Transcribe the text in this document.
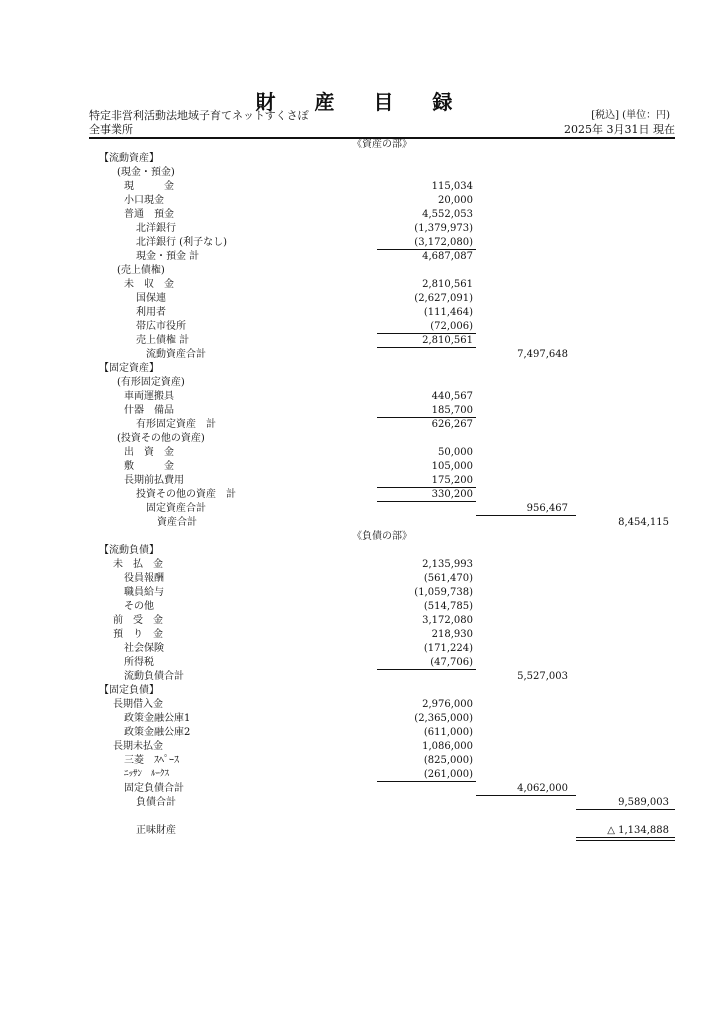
財 産 目 録
特定非営利活動法地域子育てネットすくさぽ	[税込] (単位：円)
全事業所	2025年 3月31日 現在
《資産の部》
【流動資産】
(現金・預金)
現　　　金	115,034
小口現金	20,000
普通　預金	4,552,053
北洋銀行	(1,379,973)
北洋銀行 (利子なし)	(3,172,080)
現金・預金 計	4,687,087
(売上債権)
未　収　金	2,810,561
国保連	(2,627,091)
利用者	(111,464)
帯広市役所	(72,006)
売上債権 計	2,810,561
流動資産合計	7,497,648
【固定資産】
(有形固定資産)
車両運搬具	440,567
什器　備品	185,700
有形固定資産　計	626,267
(投資その他の資産)
出　資　金	50,000
敷　　　金	105,000
長期前払費用	175,200
投資その他の資産　計	330,200
固定資産合計	956,467
資産合計	8,454,115
《負債の部》
【流動負債】
未　払　金	2,135,993
役員報酬	(561,470)
職員給与	(1,059,738)
その他	(514,785)
前　受　金	3,172,080
預　り　金	218,930
社会保険	(171,224)
所得税	(47,706)
流動負債合計	5,527,003
【固定負債】
長期借入金	2,976,000
政策金融公庫1	(2,365,000)
政策金融公庫2	(611,000)
長期未払金	1,086,000
三菱　ｽﾍﾟｰｽ	(825,000)
ﾆｯｻﾝ　ﾙｰｸｽ	(261,000)
固定負債合計	4,062,000
負債合計	9,589,003
正味財産	△ 1,134,888
